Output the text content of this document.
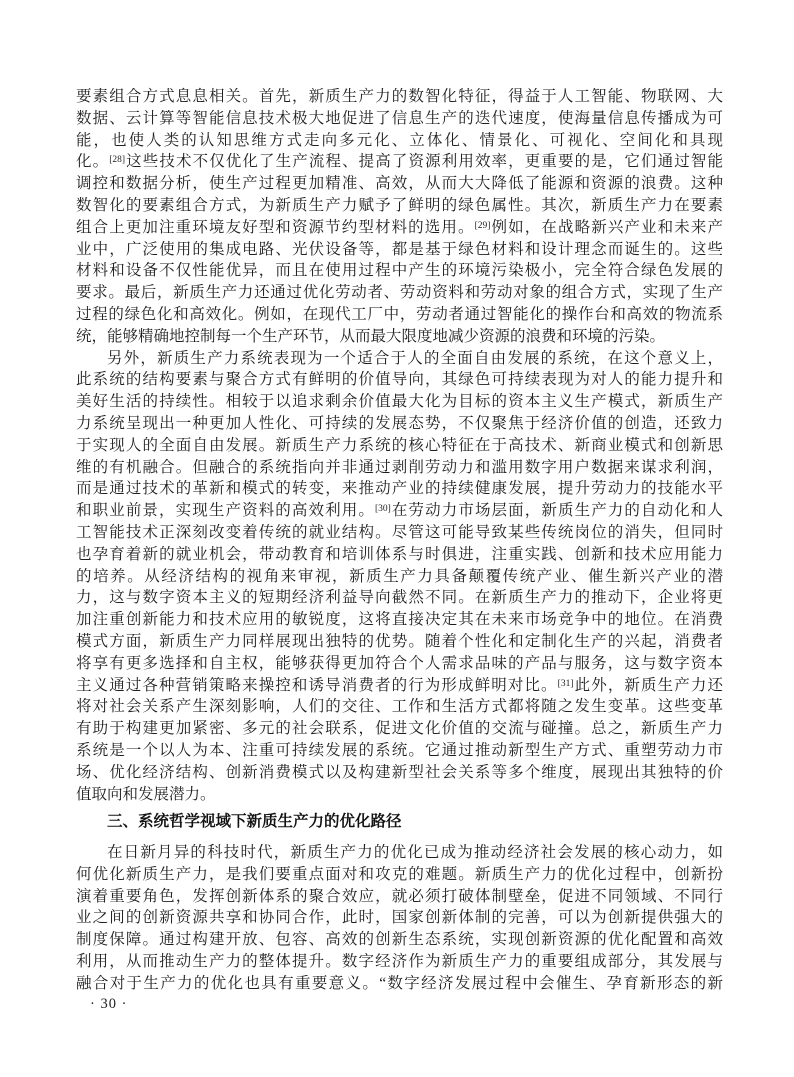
要素组合方式息息相关。首先，新质生产力的数智化特征，得益于人工智能、物联网、大
数据、云计算等智能信息技术极大地促进了信息生产的迭代速度，使海量信息传播成为可
能，也使人类的认知思维方式走向多元化、立体化、情景化、可视化、空间化和具现
化。[28]这些技术不仅优化了生产流程、提高了资源利用效率，更重要的是，它们通过智能
调控和数据分析，使生产过程更加精准、高效，从而大大降低了能源和资源的浪费。这种
数智化的要素组合方式，为新质生产力赋予了鲜明的绿色属性。其次，新质生产力在要素
组合上更加注重环境友好型和资源节约型材料的选用。[29]例如，在战略新兴产业和未来产
业中，广泛使用的集成电路、光伏设备等，都是基于绿色材料和设计理念而诞生的。这些
材料和设备不仅性能优异，而且在使用过程中产生的环境污染极小，完全符合绿色发展的
要求。最后，新质生产力还通过优化劳动者、劳动资料和劳动对象的组合方式，实现了生产
过程的绿色化和高效化。例如，在现代工厂中，劳动者通过智能化的操作台和高效的物流系
统，能够精确地控制每一个生产环节，从而最大限度地减少资源的浪费和环境的污染。
另外，新质生产力系统表现为一个适合于人的全面自由发展的系统，在这个意义上，
此系统的结构要素与聚合方式有鲜明的价值导向，其绿色可持续表现为对人的能力提升和
美好生活的持续性。相较于以追求剩余价值最大化为目标的资本主义生产模式，新质生产
力系统呈现出一种更加人性化、可持续的发展态势，不仅聚焦于经济价值的创造，还致力
于实现人的全面自由发展。新质生产力系统的核心特征在于高技术、新商业模式和创新思
维的有机融合。但融合的系统指向并非通过剥削劳动力和滥用数字用户数据来谋求利润，
而是通过技术的革新和模式的转变，来推动产业的持续健康发展，提升劳动力的技能水平
和职业前景，实现生产资料的高效利用。[30]在劳动力市场层面，新质生产力的自动化和人
工智能技术正深刻改变着传统的就业结构。尽管这可能导致某些传统岗位的消失，但同时
也孕育着新的就业机会，带动教育和培训体系与时俱进，注重实践、创新和技术应用能力
的培养。从经济结构的视角来审视，新质生产力具备颠覆传统产业、催生新兴产业的潜
力，这与数字资本主义的短期经济利益导向截然不同。在新质生产力的推动下，企业将更
加注重创新能力和技术应用的敏锐度，这将直接决定其在未来市场竞争中的地位。在消费
模式方面，新质生产力同样展现出独特的优势。随着个性化和定制化生产的兴起，消费者
将享有更多选择和自主权，能够获得更加符合个人需求品味的产品与服务，这与数字资本
主义通过各种营销策略来操控和诱导消费者的行为形成鲜明对比。[31]此外，新质生产力还
将对社会关系产生深刻影响，人们的交往、工作和生活方式都将随之发生变革。这些变革
有助于构建更加紧密、多元的社会联系，促进文化价值的交流与碰撞。总之，新质生产力
系统是一个以人为本、注重可持续发展的系统。它通过推动新型生产方式、重塑劳动力市
场、优化经济结构、创新消费模式以及构建新型社会关系等多个维度，展现出其独特的价
值取向和发展潜力。
三、系统哲学视域下新质生产力的优化路径
在日新月异的科技时代，新质生产力的优化已成为推动经济社会发展的核心动力，如
何优化新质生产力，是我们要重点面对和攻克的难题。新质生产力的优化过程中，创新扮
演着重要角色，发挥创新体系的聚合效应，就必须打破体制壁垒，促进不同领域、不同行
业之间的创新资源共享和协同合作，此时，国家创新体制的完善，可以为创新提供强大的
制度保障。通过构建开放、包容、高效的创新生态系统，实现创新资源的优化配置和高效
利用，从而推动生产力的整体提升。数字经济作为新质生产力的重要组成部分，其发展与
融合对于生产力的优化也具有重要意义。“数字经济发展过程中会催生、孕育新形态的新
· 30 ·
